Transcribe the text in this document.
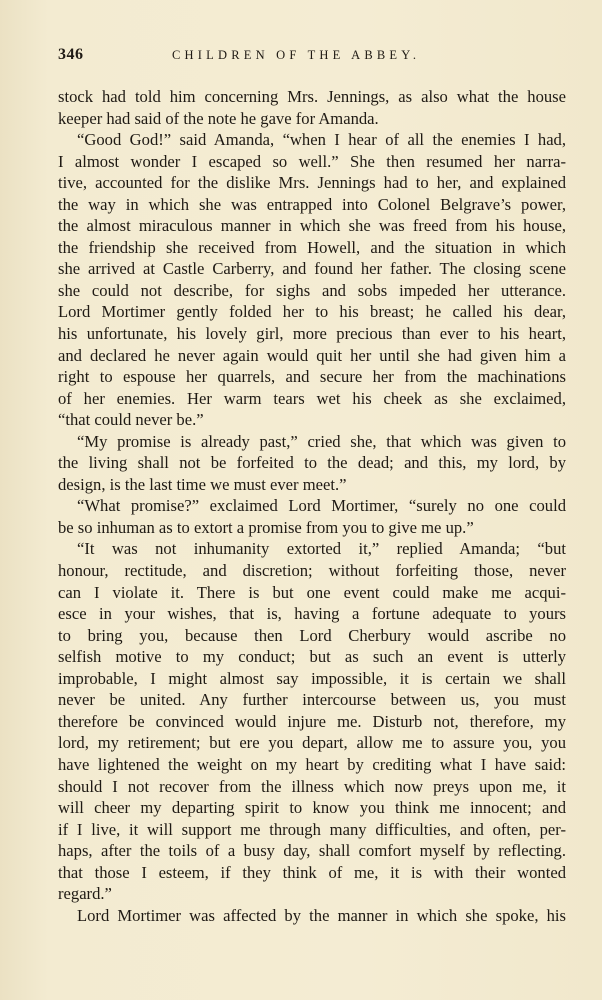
346	CHILDREN OF THE ABBEY.
stock had told him concerning Mrs. Jennings, as also what the house
keeper had said of the note he gave for Amanda.
“Good God!” said Amanda, “when I hear of all the enemies I had,
I almost wonder I escaped so well.” She then resumed her narra-
tive, accounted for the dislike Mrs. Jennings had to her, and explained
the way in which she was entrapped into Colonel Belgrave’s power,
the almost miraculous manner in which she was freed from his house,
the friendship she received from Howell, and the situation in which
she arrived at Castle Carberry, and found her father. The closing scene
she could not describe, for sighs and sobs impeded her utterance.
Lord Mortimer gently folded her to his breast; he called his dear,
his unfortunate, his lovely girl, more precious than ever to his heart,
and declared he never again would quit her until she had given him a
right to espouse her quarrels, and secure her from the machinations
of her enemies. Her warm tears wet his cheek as she exclaimed,
“that could never be.”
“My promise is already past,” cried she, that which was given to
the living shall not be forfeited to the dead; and this, my lord, by
design, is the last time we must ever meet.”
“What promise?” exclaimed Lord Mortimer, “surely no one could
be so inhuman as to extort a promise from you to give me up.”
“It was not inhumanity extorted it,” replied Amanda; “but
honour, rectitude, and discretion; without forfeiting those, never
can I violate it. There is but one event could make me acqui-
esce in your wishes, that is, having a fortune adequate to yours
to bring you, because then Lord Cherbury would ascribe no
selfish motive to my conduct; but as such an event is utterly
improbable, I might almost say impossible, it is certain we shall
never be united. Any further intercourse between us, you must
therefore be convinced would injure me. Disturb not, therefore, my
lord, my retirement; but ere you depart, allow me to assure you, you
have lightened the weight on my heart by crediting what I have said:
should I not recover from the illness which now preys upon me, it
will cheer my departing spirit to know you think me innocent; and
if I live, it will support me through many difficulties, and often, per-
haps, after the toils of a busy day, shall comfort myself by reflecting.
that those I esteem, if they think of me, it is with their wonted
regard.”
Lord Mortimer was affected by the manner in which she spoke, his
